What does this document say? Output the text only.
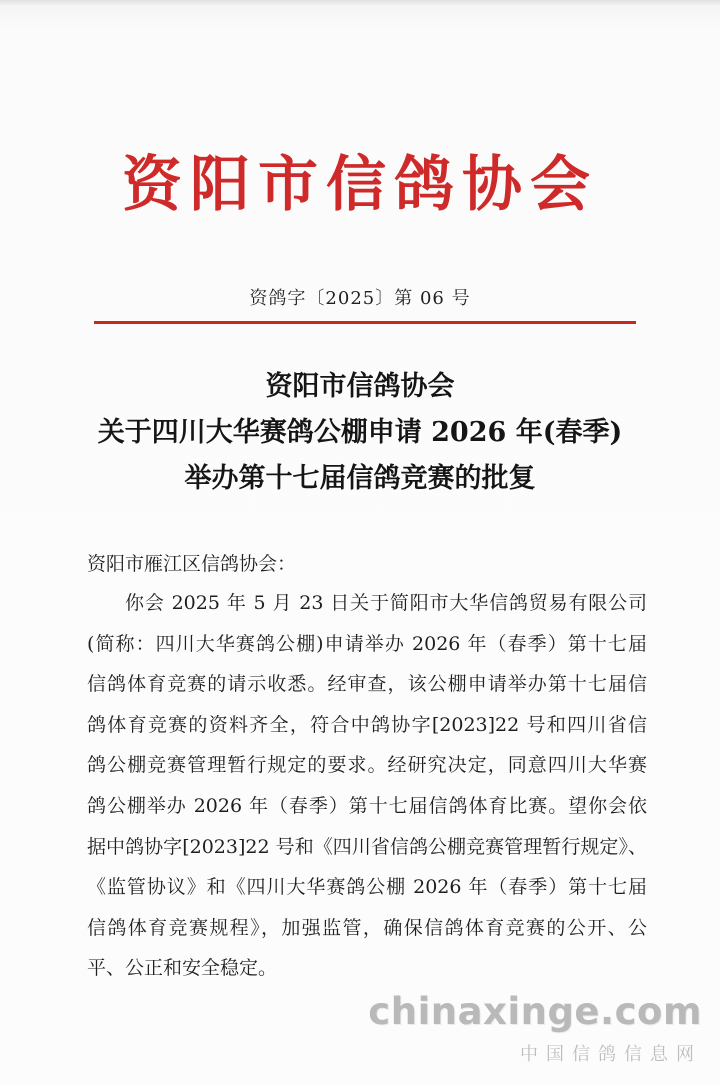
资阳市信鸽协会
资鸽字〔2025〕第 06 号
资阳市信鸽协会
关于四川大华赛鸽公棚申请 2026 年(春季)
举办第十七届信鸽竞赛的批复
资阳市雁江区信鸽协会：
你会 2025 年 5 月 23 日关于简阳市大华信鸽贸易有限公司
(简称：四川大华赛鸽公棚)申请举办 2026 年（春季）第十七届
信鸽体育竞赛的请示收悉。经审查，该公棚申请举办第十七届信
鸽体育竞赛的资料齐全，符合中鸽协字[2023]22 号和四川省信
鸽公棚竞赛管理暂行规定的要求。经研究决定，同意四川大华赛
鸽公棚举办 2026 年（春季）第十七届信鸽体育比赛。望你会依
据中鸽协字[2023]22 号和《四川省信鸽公棚竞赛管理暂行规定》、
《监管协议》和《四川大华赛鸽公棚 2026 年（春季）第十七届
信鸽体育竞赛规程》，加强监管，确保信鸽体育竞赛的公开、公
平、公正和安全稳定。
chinaxinge.com
中国信鸽信息网
